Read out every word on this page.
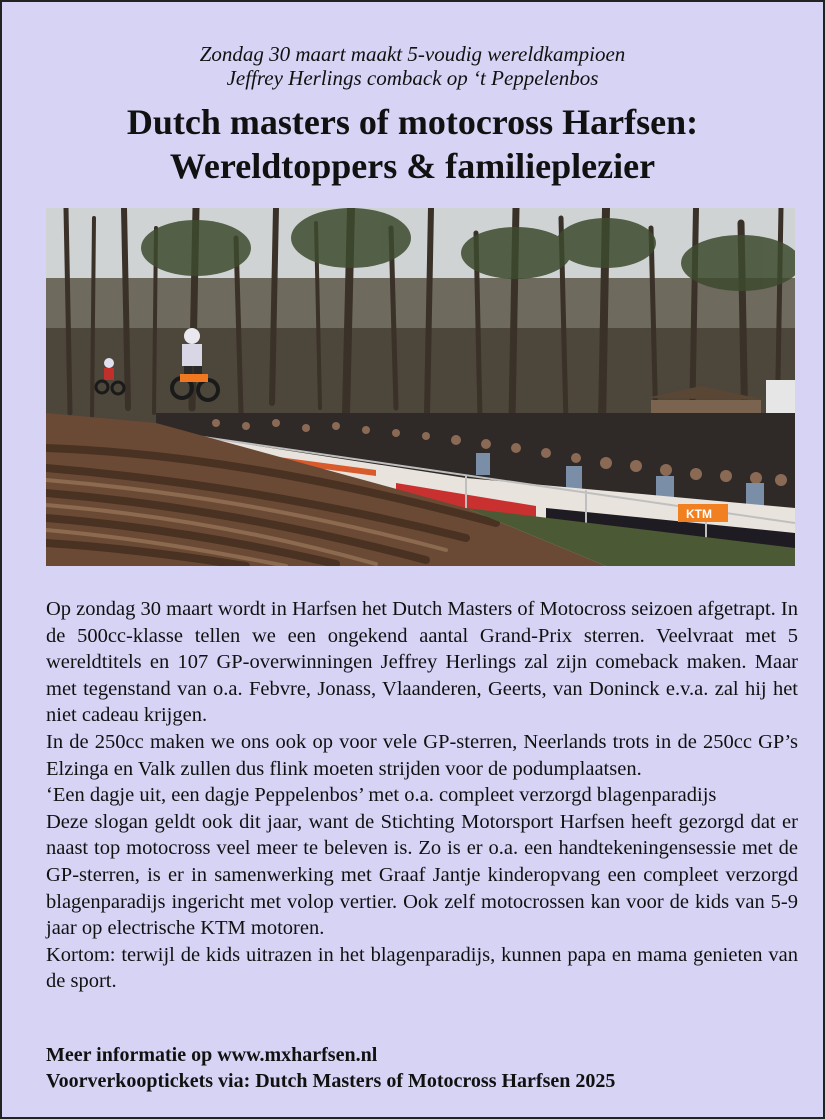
Zondag 30 maart maakt 5-voudig wereldkampioen
Jeffrey Herlings comback op ‘t Peppelenbos
Dutch masters of motocross Harfsen:
Wereldtoppers & familieplezier
KTM

Op zondag 30 maart wordt in Harfsen het Dutch Masters of Motocross seizoen afgetrapt. In de 500cc-klasse tellen we een ongekend aantal Grand-Prix sterren. Veelvraat met 5 wereldtitels en 107 GP-overwinningen Jeffrey Herlings zal zijn comeback maken. Maar met tegenstand van o.a. Febvre, Jonass, Vlaanderen, Geerts, van Doninck e.v.a. zal hij het niet cadeau krijgen.

In de 250cc maken we ons ook op voor vele GP-sterren, Neerlands trots in de 250cc GP’s Elzinga en Valk zullen dus flink moeten strijden voor de podumplaatsen.

‘Een dagje uit, een dagje Peppelenbos’ met o.a. compleet verzorgd blagenparadijs

Deze slogan geldt ook dit jaar, want de Stichting Motorsport Harfsen heeft gezorgd dat er naast top motocross veel meer te beleven is. Zo is er o.a. een handtekeningensessie met de GP-sterren, is er in samenwerking met Graaf Jantje kinderopvang een compleet verzorgd blagenparadijs ingericht met volop vertier. Ook zelf motocrossen kan voor de kids van 5-9 jaar op electrische KTM motoren.

Kortom: terwijl de kids uitrazen in het blagenparadijs, kunnen papa en mama genieten van de sport.

Meer informatie op www.mxharfsen.nl
Voorverkooptickets via: Dutch Masters of Motocross Harfsen 2025
